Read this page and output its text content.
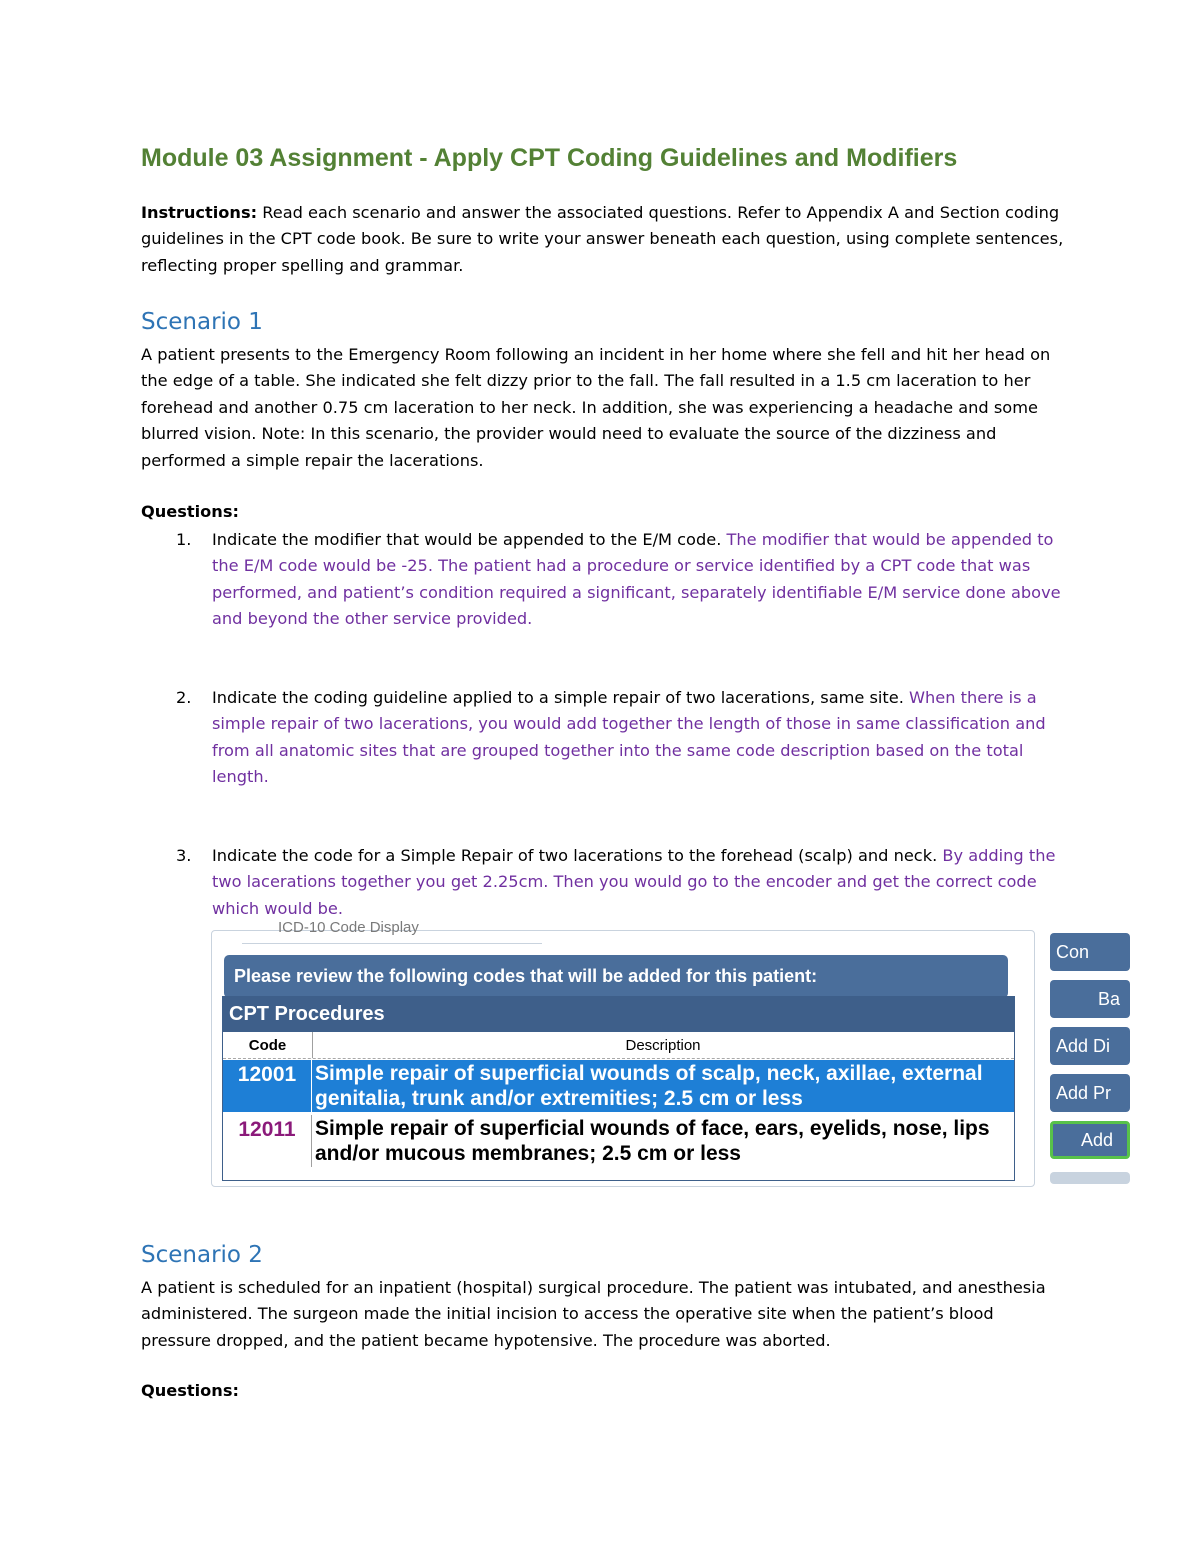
Module 03 Assignment - Apply CPT Coding Guidelines and Modifiers

Instructions: Read each scenario and answer the associated questions. Refer to Appendix A and Section coding guidelines in the CPT code book. Be sure to write your answer beneath each question, using complete sentences, reflecting proper spelling and grammar.

Scenario 1

A patient presents to the Emergency Room following an incident in her home where she fell and hit her head on the edge of a table. She indicated she felt dizzy prior to the fall. The fall resulted in a 1.5 cm laceration to her forehead and another 0.75 cm laceration to her neck. In addition, she was experiencing a headache and some blurred vision. Note: In this scenario, the provider would need to evaluate the source of the dizziness and performed a simple repair the lacerations.

Questions:
1. Indicate the modifier that would be appended to the E/M code. The modifier that would be appended to the E/M code would be -25. The patient had a procedure or service identified by a CPT code that was performed, and patient’s condition required a significant, separately identifiable E/M service done above and beyond the other service provided.
2. Indicate the coding guideline applied to a simple repair of two lacerations, same site. When there is a simple repair of two lacerations, you would add together the length of those in same classification and from all anatomic sites that are grouped together into the same code description based on the total length.
3. Indicate the code for a Simple Repair of two lacerations to the forehead (scalp) and neck. By adding the two lacerations together you get 2.25cm. Then you would go to the encoder and get the correct code which would be.
ICD-10 Code Display
Please review the following codes that will be added for this patient:
CPT Procedures
Code	Description
12001 Simple repair of superficial wounds of scalp, neck, axillae, external genitalia, trunk and/or extremities; 2.5 cm or less
12011 Simple repair of superficial wounds of face, ears, eyelids, nose, lips and/or mucous membranes; 2.5 cm or less
Con
Ba
Add Di
Add Pr
Add
Scenario 2

A patient is scheduled for an inpatient (hospital) surgical procedure. The patient was intubated, and anesthesia administered. The surgeon made the initial incision to access the operative site when the patient’s blood pressure dropped, and the patient became hypotensive. The procedure was aborted.

Questions:
